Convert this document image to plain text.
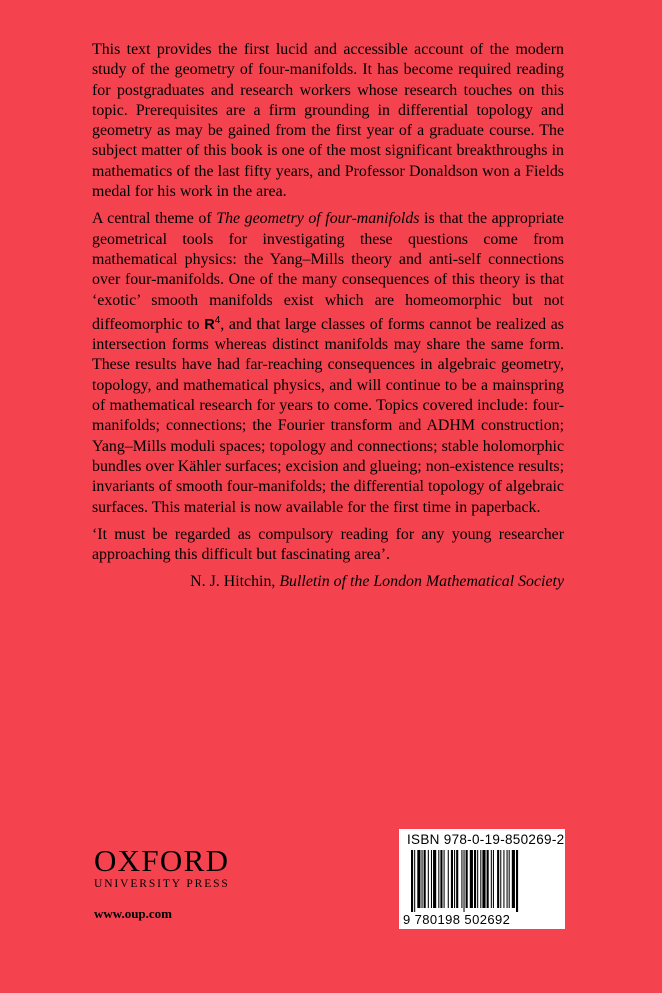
This text provides the first lucid and accessible account of the modern study of the geometry of four-manifolds. It has become required reading for postgraduates and research workers whose research touches on this topic. Prerequisites are a firm grounding in differential topology and geometry as may be gained from the first year of a graduate course. The subject matter of this book is one of the most significant breakthroughs in mathematics of the last fifty years, and Professor Donaldson won a Fields medal for his work in the area.

A central theme of The geometry of four-manifolds is that the appropriate geometrical tools for investigating these questions come from mathematical physics: the Yang–Mills theory and anti-self connections over four-manifolds. One of the many consequences of this theory is that ‘exotic’ smooth manifolds exist which are homeomorphic but not diffeomorphic to $R^4$, and that large classes of forms cannot be realized as intersection forms whereas distinct manifolds may share the same form. These results have had far-reaching consequences in algebraic geometry, topology, and mathematical physics, and will continue to be a mainspring of mathematical research for years to come. Topics covered include: four-manifolds; connections; the Fourier transform and ADHM construction; Yang–Mills moduli spaces; topology and connections; stable holomorphic bundles over Kähler surfaces; excision and glueing; non-existence results; invariants of smooth four-manifolds; the differential topology of algebraic surfaces. This material is now available for the first time in paperback.

‘It must be regarded as compulsory reading for any young researcher approaching this difficult but fascinating area’.

N. J. Hitchin, Bulletin of the London Mathematical Society

OXFORD
UNIVERSITY PRESS
www.oup.com
ISBN 978-0-19-850269-2
9 780198 502692
